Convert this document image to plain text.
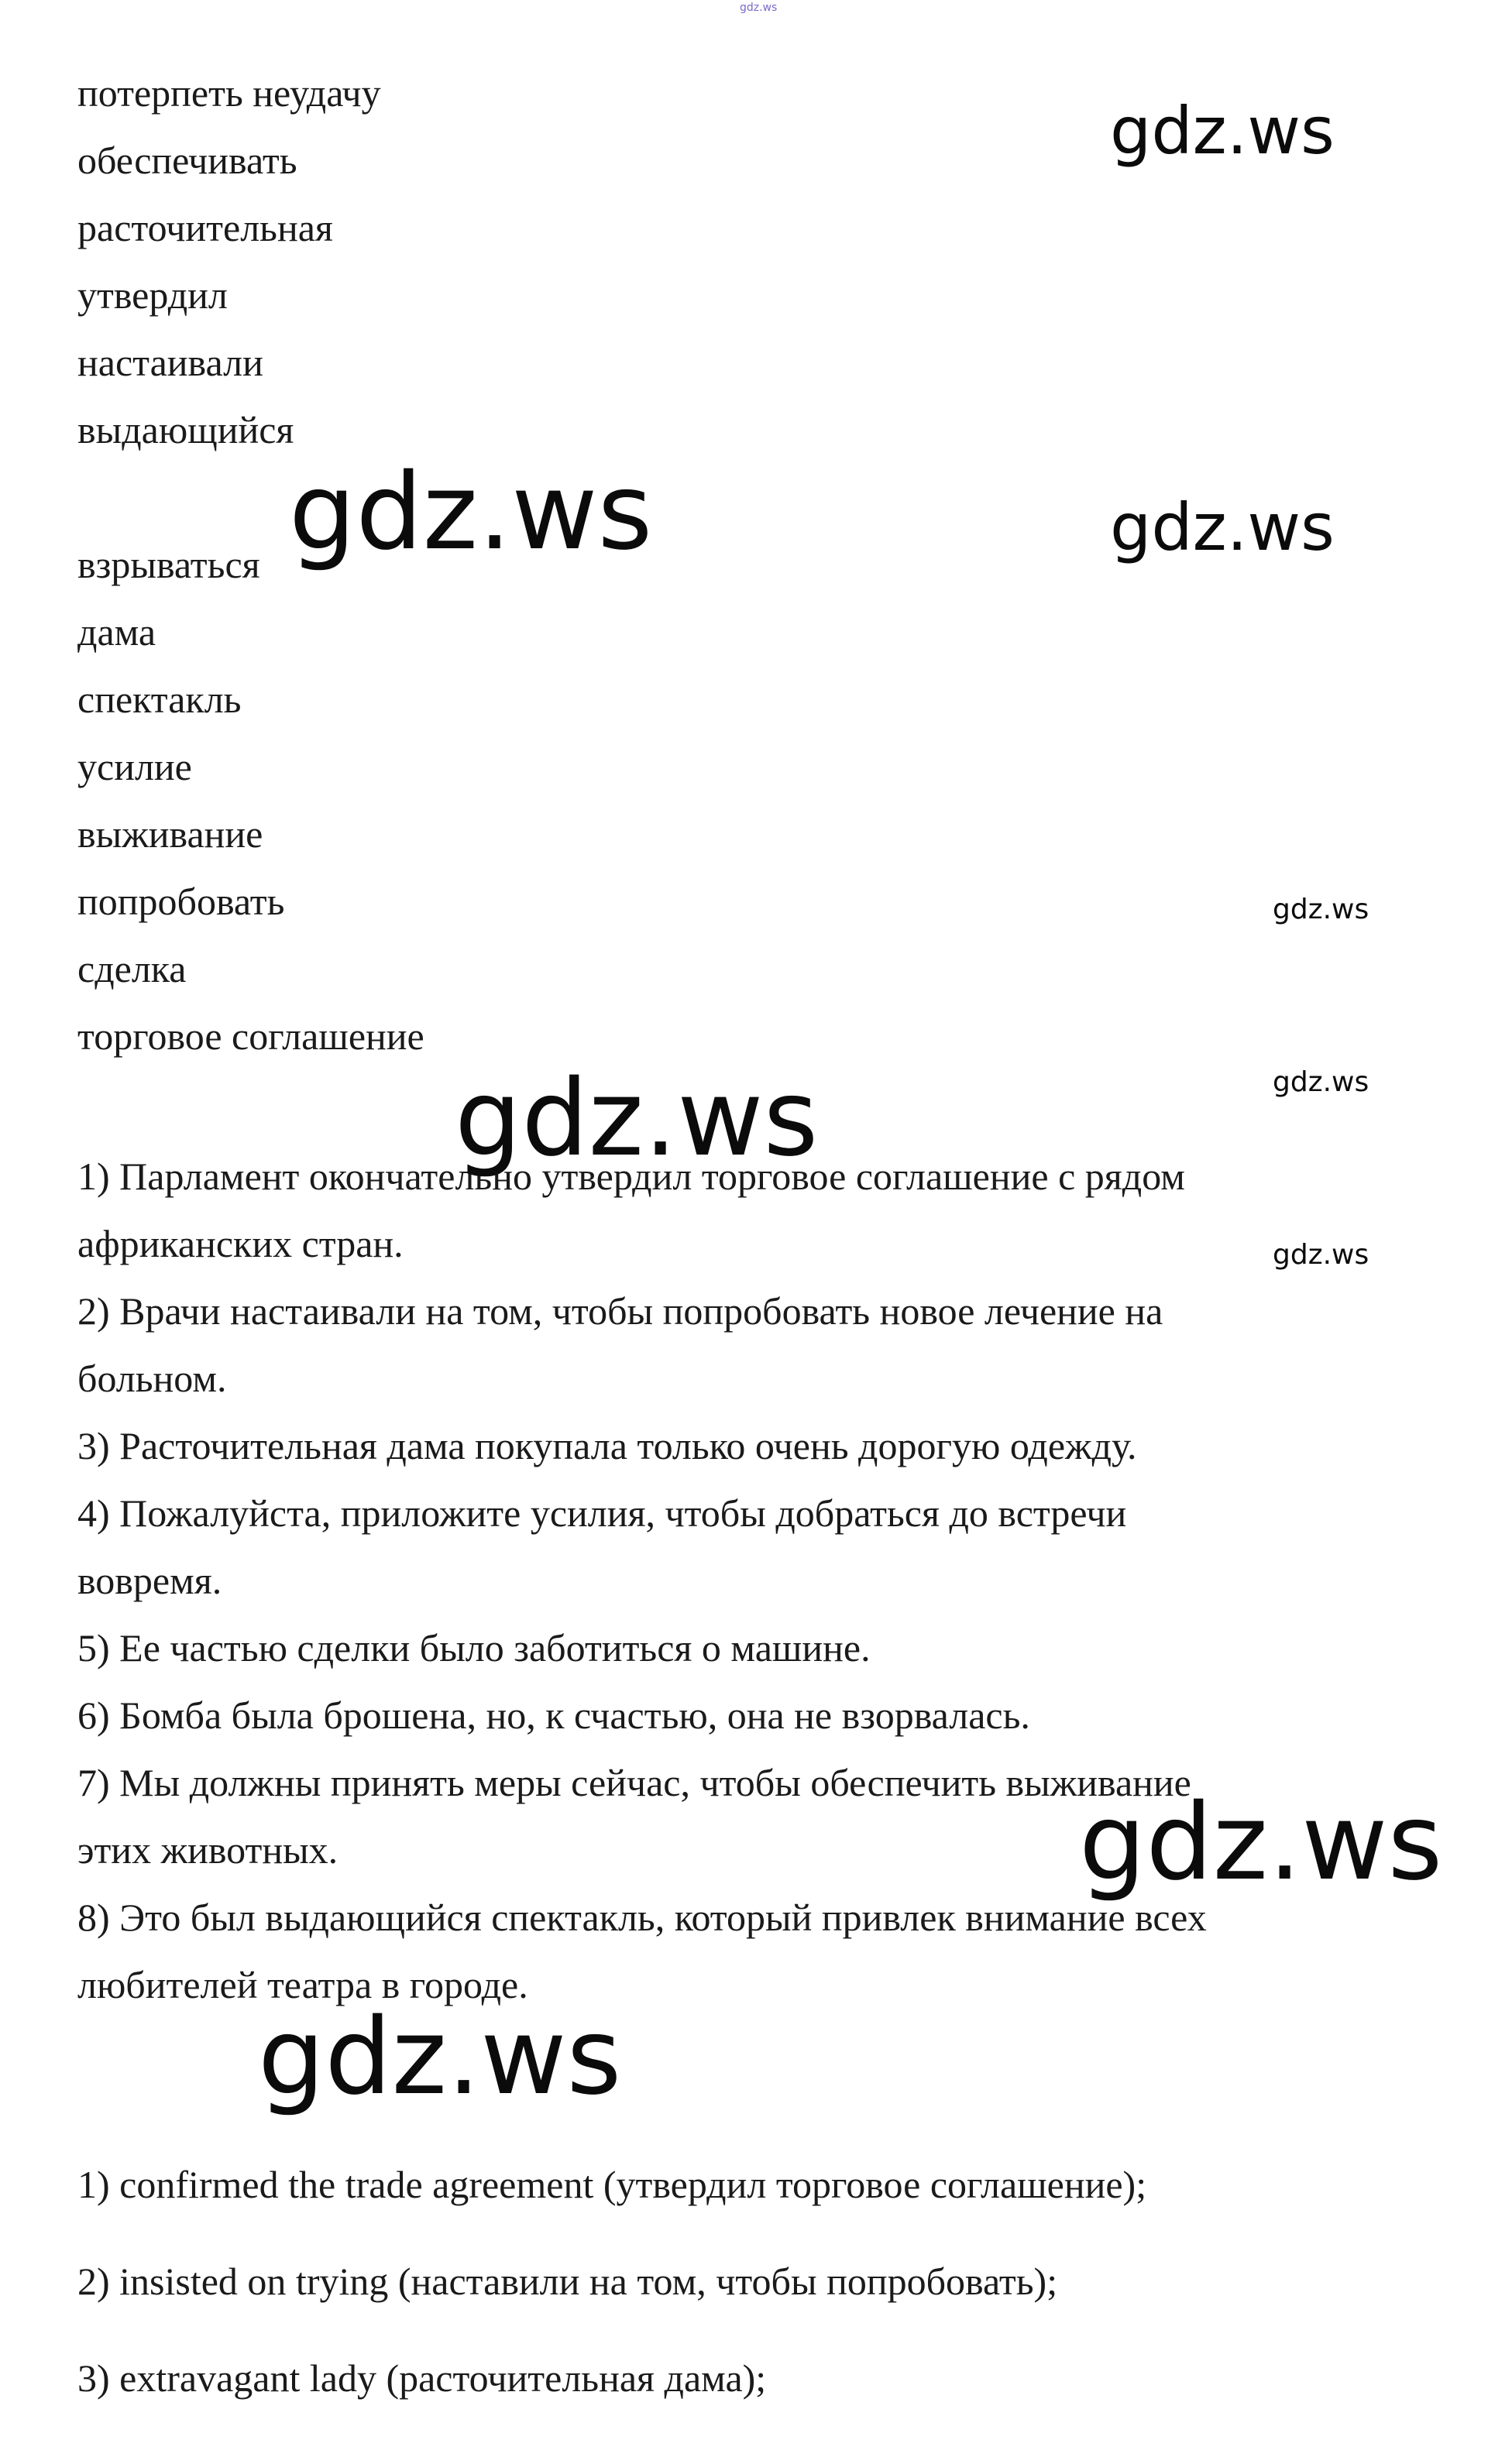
gdz.ws
потерпеть неудачу
обеспечивать
расточительная
утвердил
настаивали
выдающийся
взрываться
дама
спектакль
усилие
выживание
попробовать
сделка
торговое соглашение
1) Парламент окончательно утвердил торговое соглашение с рядом
африканских стран.
2) Врачи настаивали на том, чтобы попробовать новое лечение на
больном.
3) Расточительная дама покупала только очень дорогую одежду.
4) Пожалуйста, приложите усилия, чтобы добраться до встречи
вовремя.
5) Ее частью сделки было заботиться о машине.
6) Бомба была брошена, но, к счастью, она не взорвалась.
7) Мы должны принять меры сейчас, чтобы обеспечить выживание
этих животных.
8) Это был выдающийся спектакль, который привлек внимание всех
любителей театра в городе.
1) confirmed the trade agreement (утвердил торговое соглашение);
2) insisted on trying (наставили на том, чтобы попробовать);
3) extravagant lady (расточительная дама);
gdz.ws
gdz.ws	gdz.ws
gdz.ws
gdz.ws	gdz.ws
gdz.ws
gdz.ws
gdz.ws
